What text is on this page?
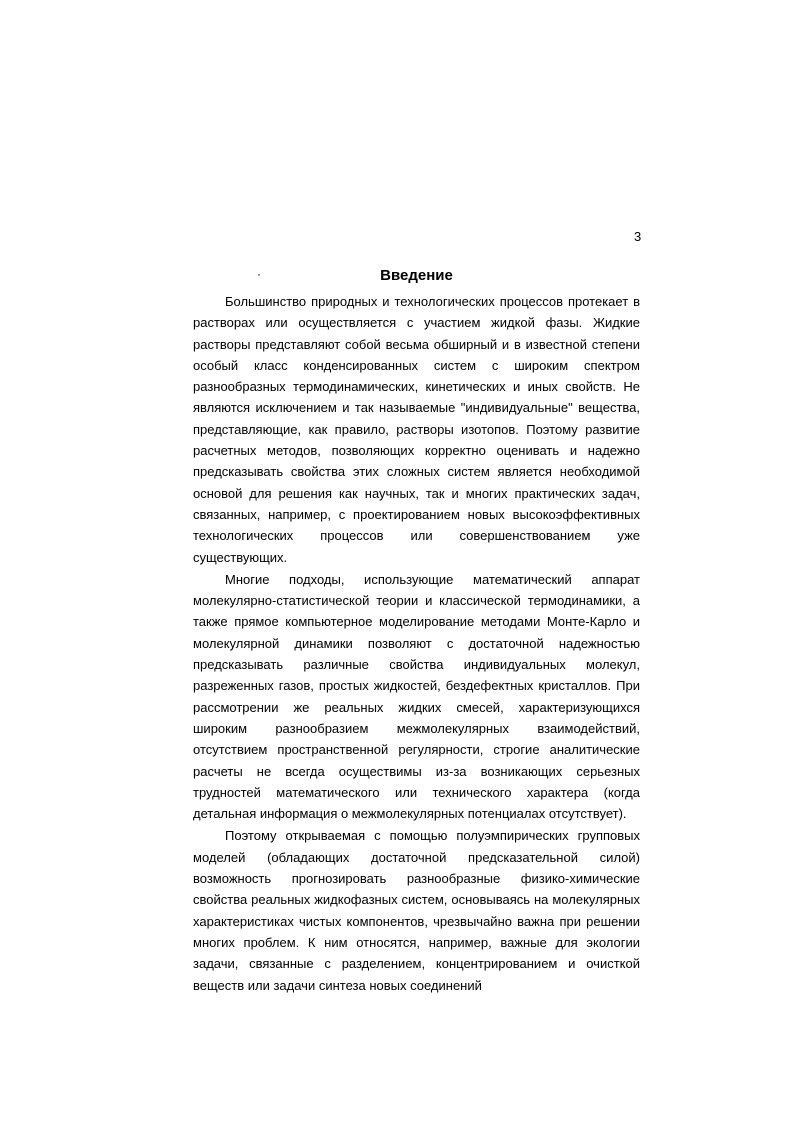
3
·	Введение

Большинство природных и технологических процессов протекает в растворах или осуществляется с участием жидкой фазы. Жидкие растворы представляют собой весьма обширный и в известной степени особый класс конденсированных систем с широким спектром разнообразных термодинамических, кинетических и иных свойств. Не являются исключением и так называемые "индивидуальные" вещества, представляющие, как правило, растворы изотопов. Поэтому развитие расчетных методов, позволяющих корректно оценивать и надежно предсказывать свойства этих сложных систем является необходимой основой для решения как научных, так и многих практических задач, связанных, например, с проектированием новых высокоэффективных технологических процессов или совершенствованием уже существующих.

Многие подходы, использующие математический аппарат молекулярно-статистической теории и классической термодинамики, а также прямое компьютерное моделирование методами Монте-Карло и молекулярной динамики позволяют с достаточной надежностью предсказывать различные свойства индивидуальных молекул, разреженных газов, простых жидкостей, бездефектных кристаллов. При рассмотрении же реальных жидких смесей, характеризующихся широким разнообразием межмолекулярных взаимодействий, отсутствием пространственной регулярности, строгие аналитические расчеты не всегда осуществимы из-за возникающих серьезных трудностей математического или технического характера (когда детальная информация о межмолекулярных потенциалах отсутствует).

Поэтому открываемая с помощью полуэмпирических групповых моделей (обладающих достаточной предсказательной силой) возможность прогнозировать разнообразные физико-химические свойства реальных жидкофазных систем, основываясь на молекулярных характеристиках чистых компонентов, чрезвычайно важна при решении многих проблем. К ним относятся, например, важные для экологии задачи, связанные с разделением, концентрированием и очисткой веществ или задачи синтеза новых соединений
